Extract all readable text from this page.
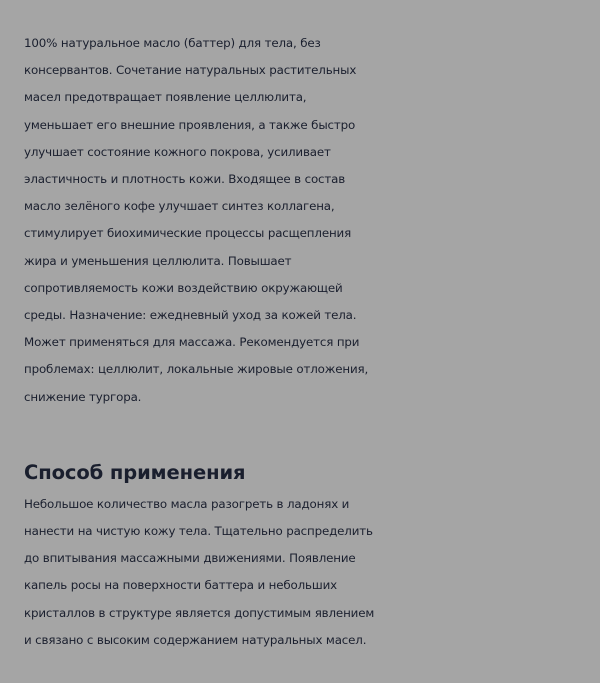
100% натуральное масло (баттер) для тела, без
консервантов. Сочетание натуральных растительных
масел предотвращает появление целлюлита,
уменьшает его внешние проявления, а также быстро
улучшает состояние кожного покрова, усиливает
эластичность и плотность кожи. Входящее в состав
масло зелёного кофе улучшает синтез коллагена,
стимулирует биохимические процессы расщепления
жира и уменьшения целлюлита. Повышает
сопротивляемость кожи воздействию окружающей
среды. Назначение: ежедневный уход за кожей тела.
Может применяться для массажа. Рекомендуется при
проблемах: целлюлит, локальные жировые отложения,
снижение тургора.

Способ применения

Небольшое количество масла разогреть в ладонях и
нанести на чистую кожу тела. Тщательно распределить
до впитывания массажными движениями. Появление
капель росы на поверхности баттера и небольших
кристаллов в структуре является допустимым явлением
и связано с высоким содержанием натуральных масел.
